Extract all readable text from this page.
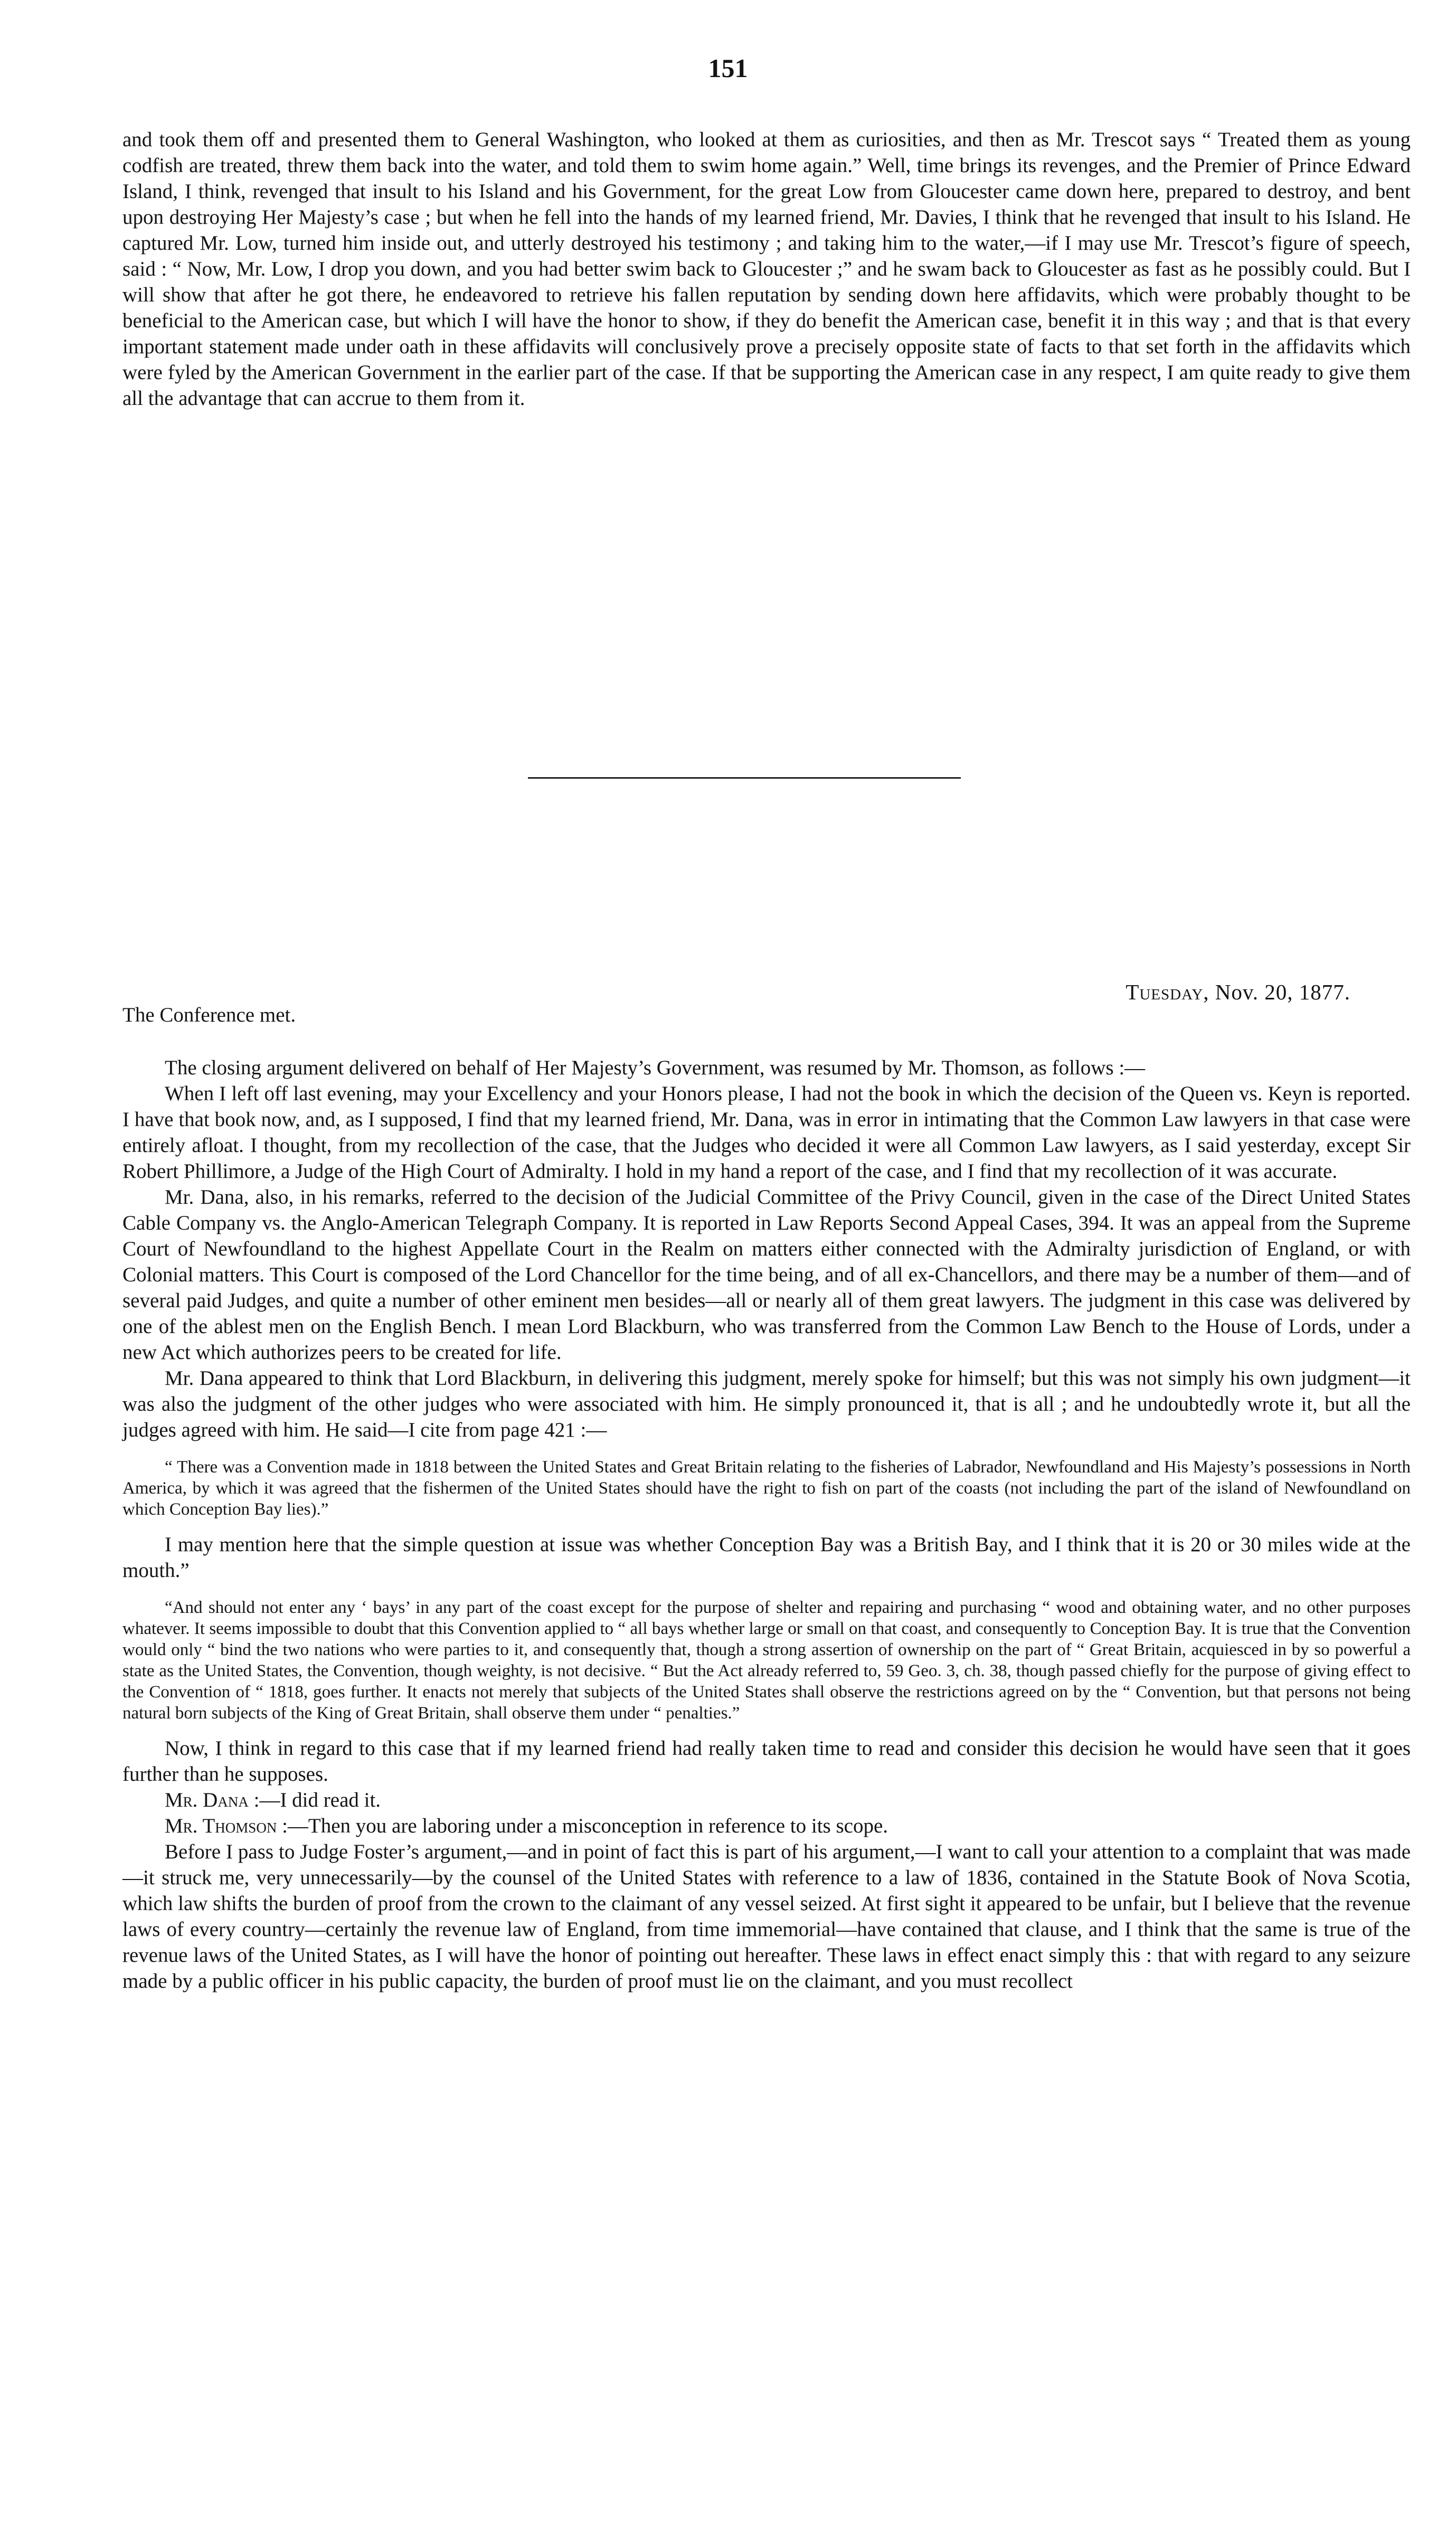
151

and took them off and presented them to General Washington, who looked at them as curiosities, and then as Mr. Trescot says “ Treated them as young codfish are treated, threw them back into the water, and told them to swim home again.” Well, time brings its revenges, and the Premier of Prince Edward Island, I think, revenged that insult to his Island and his Government, for the great Low from Gloucester came down here, prepared to destroy, and bent upon destroying Her Majesty’s case ; but when he fell into the hands of my learned friend, Mr. Davies, I think that he revenged that insult to his Island. He captured Mr. Low, turned him inside out, and utterly destroyed his testimony ; and taking him to the water,—if I may use Mr. Trescot’s figure of speech, said : “ Now, Mr. Low, I drop you down, and you had better swim back to Gloucester ;” and he swam back to Gloucester as fast as he possibly could. But I will show that after he got there, he endeavored to retrieve his fallen reputation by sending down here affidavits, which were probably thought to be beneficial to the American case, but which I will have the honor to show, if they do benefit the American case, benefit it in this way ; and that is that every important statement made under oath in these affidavits will conclusively prove a precisely opposite state of facts to that set forth in the affidavits which were fyled by the American Government in the earlier part of the case. If that be supporting the American case in any respect, I am quite ready to give them all the advantage that can accrue to them from it.

Tuesday, Nov. 20, 1877.
The Conference met.

The closing argument delivered on behalf of Her Majesty’s Government, was resumed by Mr. Thomson, as follows :—

When I left off last evening, may your Excellency and your Honors please, I had not the book in which the decision of the Queen vs. Keyn is reported. I have that book now, and, as I supposed, I find that my learned friend, Mr. Dana, was in error in intimating that the Common Law lawyers in that case were entirely afloat. I thought, from my recollection of the case, that the Judges who decided it were all Common Law lawyers, as I said yesterday, except Sir Robert Phillimore, a Judge of the High Court of Admiralty. I hold in my hand a report of the case, and I find that my recollection of it was accurate.

Mr. Dana, also, in his remarks, referred to the decision of the Judicial Committee of the Privy Council, given in the case of the Direct United States Cable Company vs. the Anglo-American Telegraph Company. It is reported in Law Reports Second Appeal Cases, 394. It was an appeal from the Supreme Court of Newfoundland to the highest Appellate Court in the Realm on matters either connected with the Admiralty jurisdiction of England, or with Colonial matters. This Court is composed of the Lord Chancellor for the time being, and of all ex-Chancellors, and there may be a number of them—and of several paid Judges, and quite a number of other eminent men besides—all or nearly all of them great lawyers. The judgment in this case was delivered by one of the ablest men on the English Bench. I mean Lord Blackburn, who was transferred from the Common Law Bench to the House of Lords, under a new Act which authorizes peers to be created for life.

Mr. Dana appeared to think that Lord Blackburn, in delivering this judgment, merely spoke for himself; but this was not simply his own judgment—it was also the judgment of the other judges who were associated with him. He simply pronounced it, that is all ; and he undoubtedly wrote it, but all the judges agreed with him. He said—I cite from page 421 :—

“ There was a Convention made in 1818 between the United States and Great Britain relating to the fisheries of Labrador, Newfoundland and His Majesty’s possessions in North America, by which it was agreed that the fishermen of the United States should have the right to fish on part of the coasts (not including the part of the island of Newfoundland on which Conception Bay lies).”

I may mention here that the simple question at issue was whether Conception Bay was a British Bay, and I think that it is 20 or 30 miles wide at the mouth.”

“And should not enter any ‘ bays’ in any part of the coast except for the purpose of shelter and repairing and purchasing “ wood and obtaining water, and no other purposes whatever. It seems impossible to doubt that this Convention applied to “ all bays whether large or small on that coast, and consequently to Conception Bay. It is true that the Convention would only “ bind the two nations who were parties to it, and consequently that, though a strong assertion of ownership on the part of “ Great Britain, acquiesced in by so powerful a state as the United States, the Convention, though weighty, is not decisive. “ But the Act already referred to, 59 Geo. 3, ch. 38, though passed chiefly for the purpose of giving effect to the Convention of “ 1818, goes further. It enacts not merely that subjects of the United States shall observe the restrictions agreed on by the “ Convention, but that persons not being natural born subjects of the King of Great Britain, shall observe them under “ penalties.”

Now, I think in regard to this case that if my learned friend had really taken time to read and consider this decision he would have seen that it goes further than he supposes.

Mr. Dana :—I did read it.

Mr. Thomson :—Then you are laboring under a misconception in reference to its scope.

Before I pass to Judge Foster’s argument,—and in point of fact this is part of his argument,—I want to call your attention to a complaint that was made—it struck me, very unnecessarily—by the counsel of the United States with reference to a law of 1836, contained in the Statute Book of Nova Scotia, which law shifts the burden of proof from the crown to the claimant of any vessel seized. At first sight it appeared to be unfair, but I believe that the revenue laws of every country—certainly the revenue law of England, from time immemorial—have contained that clause, and I think that the same is true of the revenue laws of the United States, as I will have the honor of pointing out hereafter. These laws in effect enact simply this : that with regard to any seizure made by a public officer in his public capacity, the burden of proof must lie on the claimant, and you must recollect
